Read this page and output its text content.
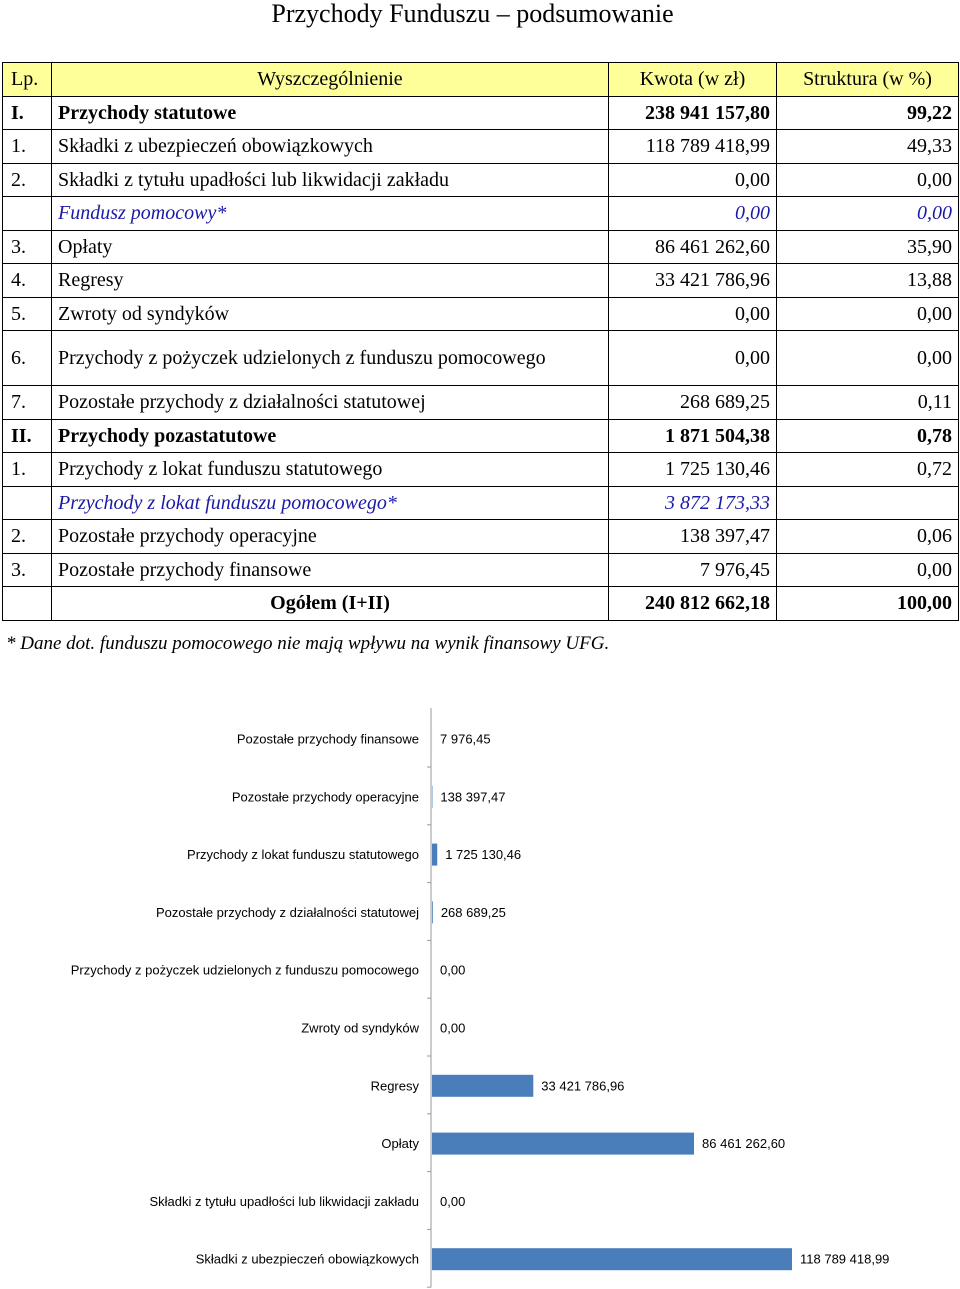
Przychody Funduszu – podsumowanie
Lp.	Wyszczególnienie	Kwota (w zł)	Struktura (w %)
I.	Przychody statutowe	238 941 157,80	99,22
1.	Składki z ubezpieczeń obowiązkowych	118 789 418,99	49,33
2.	Składki z tytułu upadłości lub likwidacji zakładu	0,00	0,00
	Fundusz pomocowy*	0,00	0,00
3.	Opłaty	86 461 262,60	35,90
4.	Regresy	33 421 786,96	13,88
5.	Zwroty od syndyków	0,00	0,00
6.	Przychody z pożyczek udzielonych z funduszu pomocowego	0,00	0,00
7.	Pozostałe przychody z działalności statutowej	268 689,25	0,11
II.	Przychody pozastatutowe	1 871 504,38	0,78
1.	Przychody z lokat funduszu statutowego	1 725 130,46	0,72
	Przychody z lokat funduszu pomocowego*	3 872 173,33	
2.	Pozostałe przychody operacyjne	138 397,47	0,06
3.	Pozostałe przychody finansowe	7 976,45	0,00
	Ogółem (I+II)	240 812 662,18	100,00
* Dane dot. funduszu pomocowego nie mają wpływu na wynik finansowy UFG.
Pozostałe przychody finansowe 7 976,45
Pozostałe przychody operacyjne 138 397,47
Przychody z lokat funduszu statutowego 1 725 130,46
Pozostałe przychody z działalności statutowej 268 689,25
Przychody z pożyczek udzielonych z funduszu pomocowego 0,00
Zwroty od syndyków 0,00
Regresy	33 421 786,96
Opłaty	86 461 262,60
Składki z tytułu upadłości lub likwidacji zakładu 0,00
Składki z ubezpieczeń obowiązkowych	118 789 418,99
